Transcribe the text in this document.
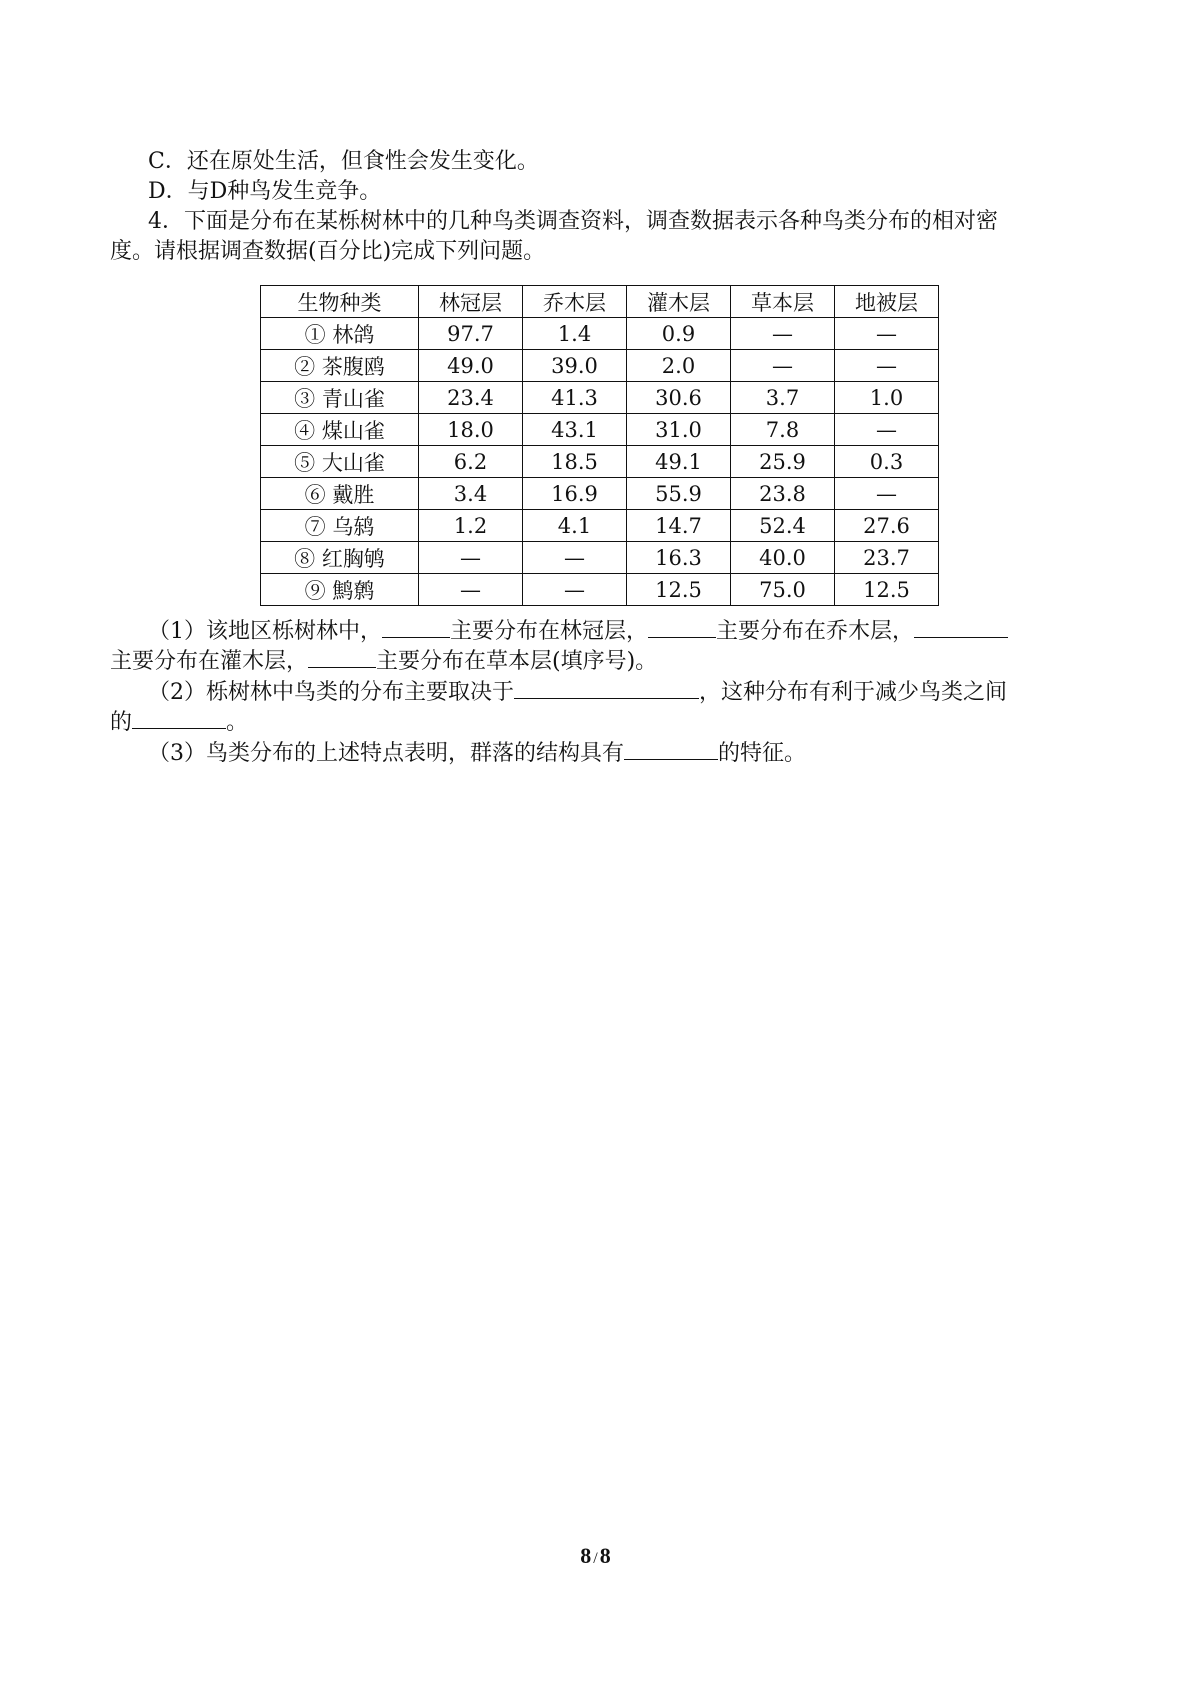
C．还在原处生活，但食性会发生变化。
D．与D种鸟发生竞争。
4．下面是分布在某栎树林中的几种鸟类调查资料，调查数据表示各种鸟类分布的相对密
度。请根据调查数据(百分比)完成下列问题。
生物种类	林冠层	乔木层	灌木层	草本层	地被层
① 林鸽	97.7	1.4	0.9	—	—
② 茶腹鸥	49.0	39.0	2.0	—	—
③ 青山雀	23.4	41.3	30.6	3.7	1.0
④ 煤山雀	18.0	43.1	31.0	7.8	—
⑤ 大山雀	6.2	18.5	49.1	25.9	0.3
⑥ 戴胜	3.4	16.9	55.9	23.8	—
⑦ 乌鸫	1.2	4.1	14.7	52.4	27.6
⑧ 红胸鸲	—	—	16.3	40.0	23.7
⑨ 鹪鹩	—	—	12.5	75.0	12.5
（1）该地区栎树林中，	主要分布在林冠层，	主要分布在乔木层，
主要分布在灌木层，	主要分布在草本层(填序号)。
（2）栎树林中鸟类的分布主要取决于	，这种分布有利于减少鸟类之间
的	。
（3）鸟类分布的上述特点表明，群落的结构具有	的特征。
8 /8
